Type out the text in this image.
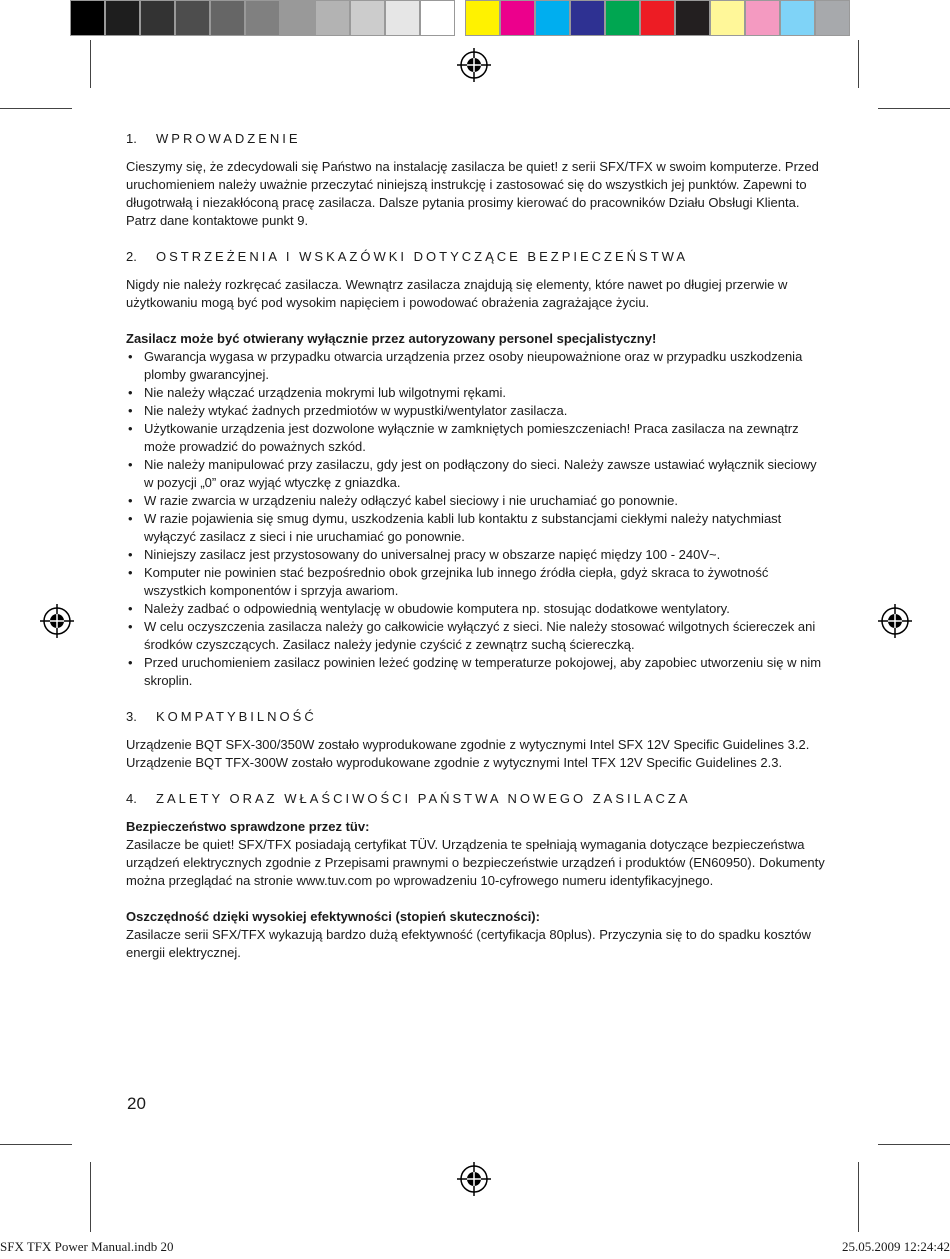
1. WPROWADZENIE

Cieszymy się, że zdecydowali się Państwo na instalację zasilacza be quiet! z serii SFX/TFX w swoim komputerze. Przed uruchomieniem należy uważnie przeczytać niniejszą instrukcję i zastosować się do wszystkich jej punktów. Zapewni to długotrwałą i niezakłóconą pracę zasilacza. Dalsze pytania prosimy kierować do pracowników Działu Obsługi Klienta. Patrz dane kontaktowe punkt 9.

2. OSTRZEŻENIA I WSKAZÓWKI DOTYCZĄCE BEZPIECZEŃSTWA

Nigdy nie należy rozkręcać zasilacza. Wewnątrz zasilacza znajdują się elementy, które nawet po długiej przerwie w użytkowaniu mogą być pod wysokim napięciem i powodować obrażenia zagrażające życiu.

Zasilacz może być otwierany wyłącznie przez autoryzowany personel specjalistyczny!

• Gwarancja wygasa w przypadku otwarcia urządzenia przez osoby nieupoważnione oraz w przypadku uszkodzenia plomby gwarancyjnej.
• Nie należy włączać urządzenia mokrymi lub wilgotnymi rękami.
• Nie należy wtykać żadnych przedmiotów w wypustki/wentylator zasilacza.
• Użytkowanie urządzenia jest dozwolone wyłącznie w zamkniętych pomieszczeniach! Praca zasilacza na zewnątrz może prowadzić do poważnych szkód.
• Nie należy manipulować przy zasilaczu, gdy jest on podłączony do sieci. Należy zawsze ustawiać wyłącznik sieciowy w pozycji „0” oraz wyjąć wtyczkę z gniazdka.
• W razie zwarcia w urządzeniu należy odłączyć kabel sieciowy i nie uruchamiać go ponownie.
• W razie pojawienia się smug dymu, uszkodzenia kabli lub kontaktu z substancjami ciekłymi należy natychmiast wyłączyć zasilacz z sieci i nie uruchamiać go ponownie.
• Niniejszy zasilacz jest przystosowany do universalnej pracy w obszarze napięć między 100 - 240V~.
• Komputer nie powinien stać bezpośrednio obok grzejnika lub innego źródła ciepła, gdyż skraca to żywotność wszystkich komponentów i sprzyja awariom.
• Należy zadbać o odpowiednią wentylację w obudowie komputera np. stosując dodatkowe wentylatory.
• W celu oczyszczenia zasilacza należy go całkowicie wyłączyć z sieci. Nie należy stosować wilgotnych ściereczek ani środków czyszczących. Zasilacz należy jedynie czyścić z zewnątrz suchą ściereczką.
• Przed uruchomieniem zasilacz powinien leżeć godzinę w temperaturze pokojowej, aby zapobiec utworzeniu się w nim skroplin.
3. KOMPATYBILNOŚĆ

Urządzenie BQT SFX-300/350W zostało wyprodukowane zgodnie z wytycznymi Intel SFX 12V Specific Guidelines 3.2.

Urządzenie BQT TFX-300W zostało wyprodukowane zgodnie z wytycznymi Intel TFX 12V Specific Guidelines 2.3.

4. ZALETY ORAZ WŁAŚCIWOŚCI PAŃSTWA NOWEGO ZASILACZA

Bezpieczeństwo sprawdzone przez tüv:

Zasilacze be quiet! SFX/TFX posiadają certyfikat TÜV. Urządzenia te spełniają wymagania dotyczące bezpieczeństwa urządzeń elektrycznych zgodnie z Przepisami prawnymi o bezpieczeństwie urządzeń i produktów (EN60950). Dokumenty można przeglądać na stronie www.tuv.com po wprowadzeniu 10-cyfrowego numeru identyfikacyjnego.

Oszczędność dzięki wysokiej efektywności (stopień skuteczności):

Zasilacze serii SFX/TFX wykazują bardzo dużą efektywność (certyfikacja 80plus). Przyczynia się to do spadku kosztów energii elektrycznej.

20
SFX TFX Power Manual.indb 20	25.05.2009 12:24:42
